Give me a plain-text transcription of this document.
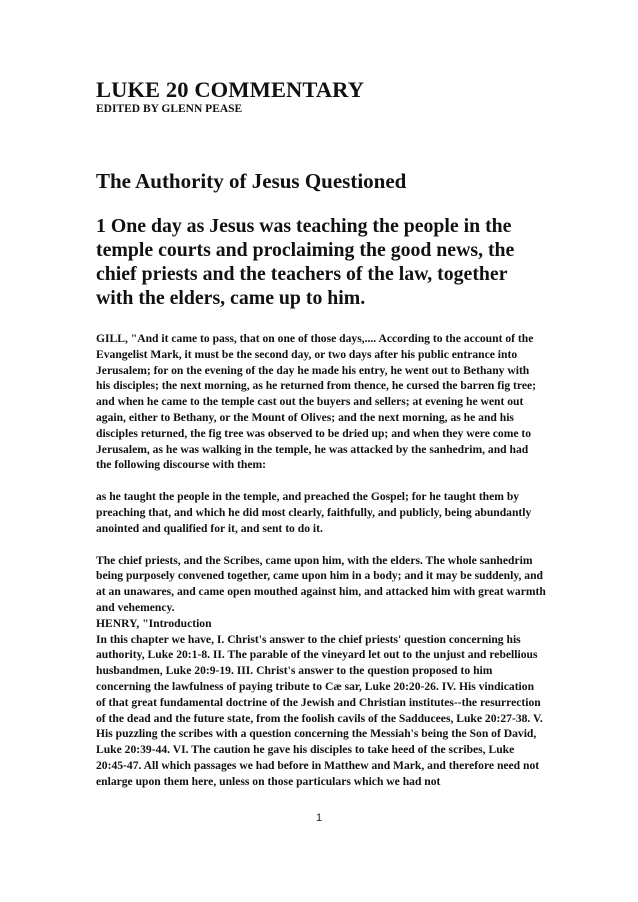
LUKE 20 COMMENTARY
EDITED BY GLENN PEASE
The Authority of Jesus Questioned
1 One day as Jesus was teaching the people in the temple courts and proclaiming the good news, the chief priests and the teachers of the law, together with the elders, came up to him.

GILL, "And it came to pass, that on one of those days,.... According to the account of the Evangelist Mark, it must be the second day, or two days after his public entrance into Jerusalem; for on the evening of the day he made his entry, he went out to Bethany with his disciples; the next morning, as he returned from thence, he cursed the barren fig tree; and when he came to the temple cast out the buyers and sellers; at evening he went out again, either to Bethany, or the Mount of Olives; and the next morning, as he and his disciples returned, the fig tree was observed to be dried up; and when they were come to Jerusalem, as he was walking in the temple, he was attacked by the sanhedrim, and had the following discourse with them:

as he taught the people in the temple, and preached the Gospel; for he taught them by preaching that, and which he did most clearly, faithfully, and publicly, being abundantly anointed and qualified for it, and sent to do it.

The chief priests, and the Scribes, came upon him, with the elders. The whole sanhedrim being purposely convened together, came upon him in a body; and it may be suddenly, and at an unawares, and came open mouthed against him, and attacked him with great warmth and vehemency.

HENRY, "Introduction

In this chapter we have, I. Christ's answer to the chief priests' question concerning his authority, Luke 20:1-8. II. The parable of the vineyard let out to the unjust and rebellious husbandmen, Luke 20:9-19. III. Christ's answer to the question proposed to him concerning the lawfulness of paying tribute to Cæ sar, Luke 20:20-26. IV. His vindication of that great fundamental doctrine of the Jewish and Christian institutes--the resurrection of the dead and the future state, from the foolish cavils of the Sadducees, Luke 20:27-38. V. His puzzling the scribes with a question concerning the Messiah's being the Son of David, Luke 20:39-44. VI. The caution he gave his disciples to take heed of the scribes, Luke 20:45-47. All which passages we had before in Matthew and Mark, and therefore need not enlarge upon them here, unless on those particulars which we had not

1
